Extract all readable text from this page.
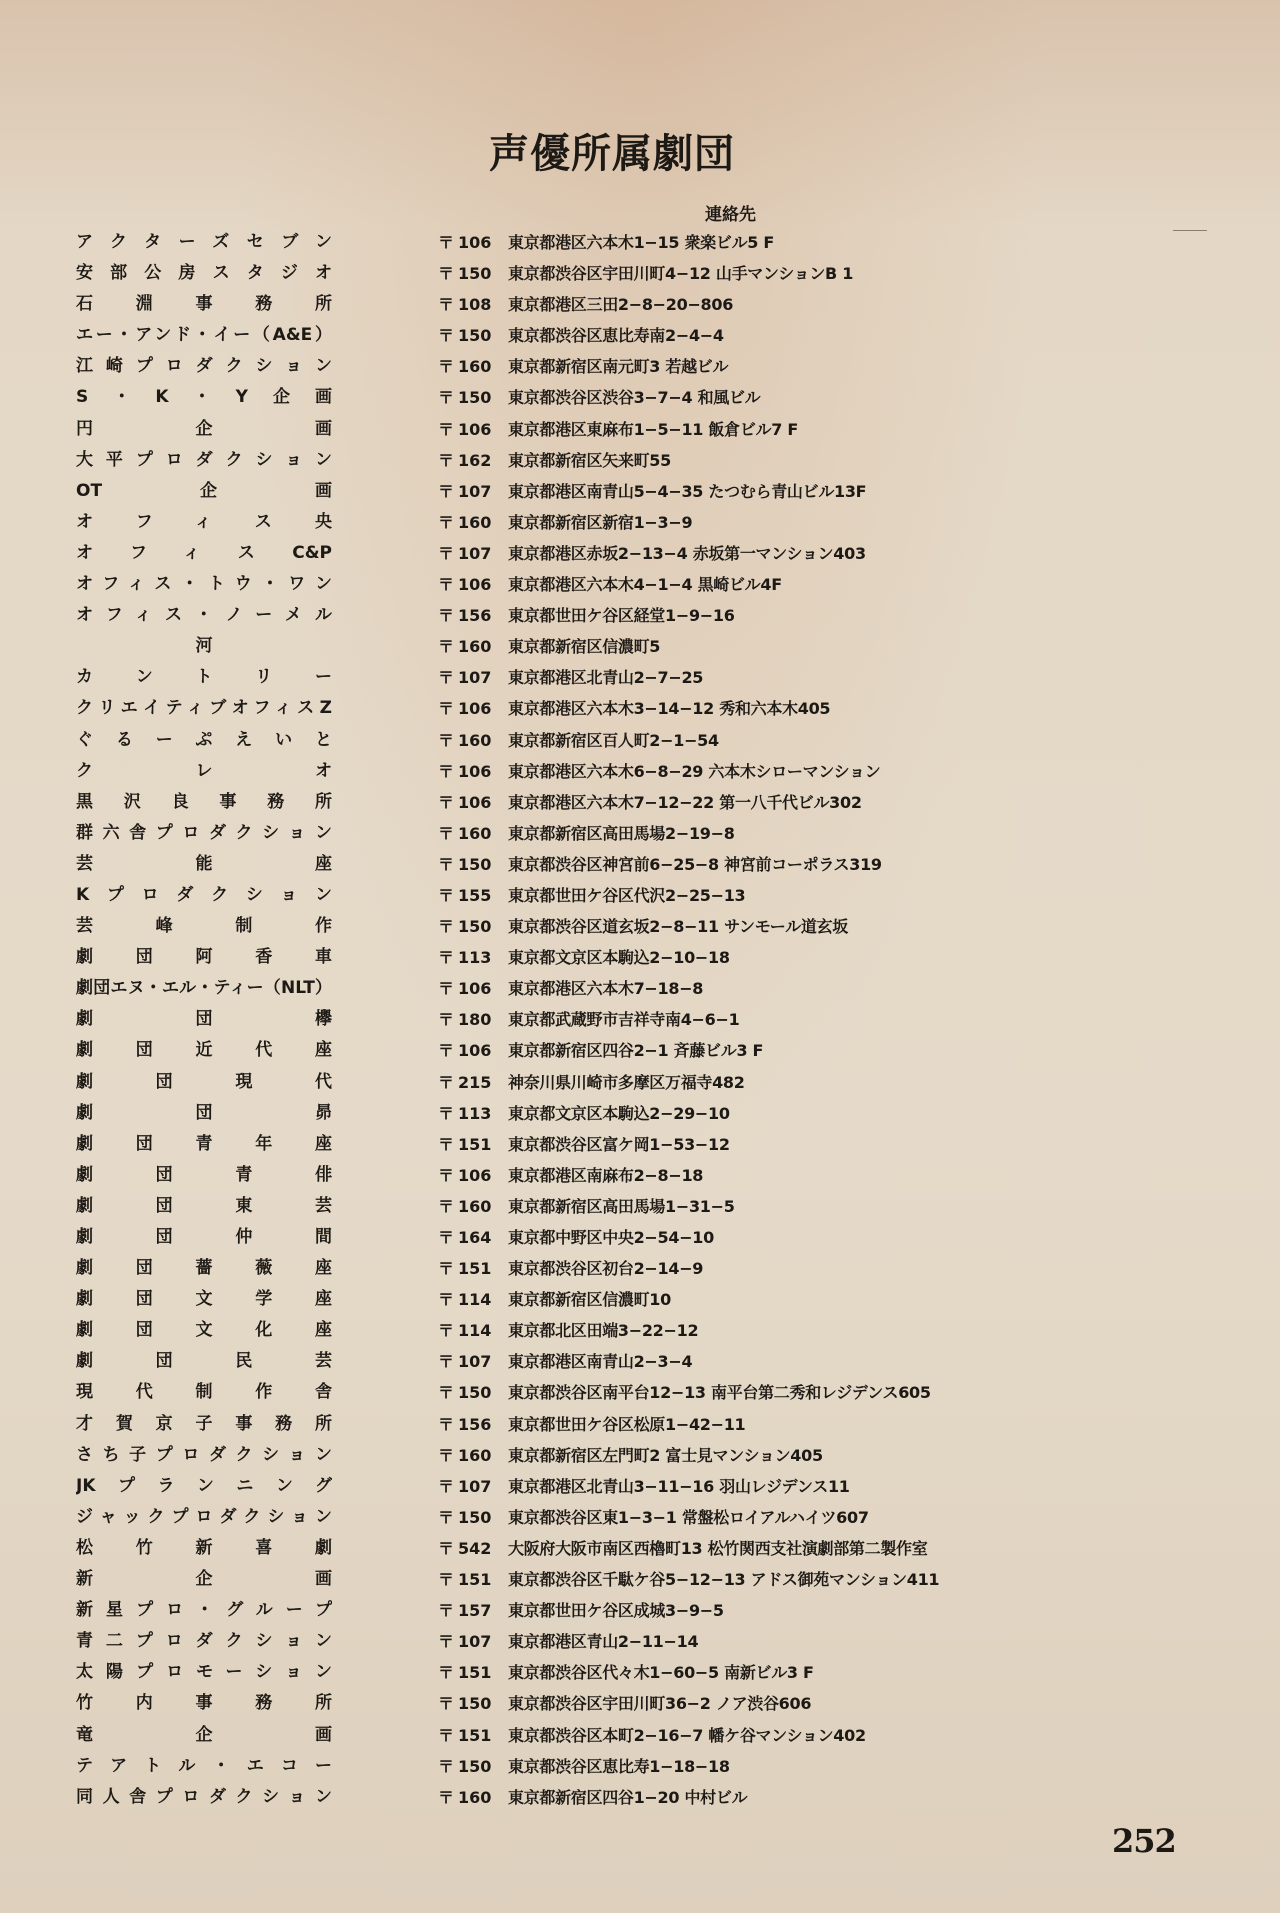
声優所属劇団
連絡先
アクターズセブン	〒 106	東京都港区六本木1−15 衆楽ビル5 F
安部公房スタジオ	〒 150	東京都渋谷区宇田川町4−12 山手マンションB 1
石淵事務所	〒 108	東京都港区三田2−8−20−806
エー・アンド・イー（A&E）	〒 150	東京都渋谷区恵比寿南2−4−4
江崎プロダクション	〒 160	東京都新宿区南元町3 若越ビル
S・K・Y企画	〒 150	東京都渋谷区渋谷3−7−4 和風ビル
円企画	〒 106	東京都港区東麻布1−5−11 飯倉ビル7 F
大平プロダクション	〒 162	東京都新宿区矢来町55
OT企画	〒 107	東京都港区南青山5−4−35 たつむら青山ビル13F
オフィス央	〒 160	東京都新宿区新宿1−3−9
オフィスC&P	〒 107	東京都港区赤坂2−13−4 赤坂第一マンション403
オフィス・トウ・ワン	〒 106	東京都港区六本木4−1−4 黒崎ビル4F
オフィス・ノーメル	〒 156	東京都世田ケ谷区経堂1−9−16
河	〒 160	東京都新宿区信濃町5
カントリー	〒 107	東京都港区北青山2−7−25
クリエイティブオフィスZ	〒 106	東京都港区六本木3−14−12 秀和六本木405
ぐるーぷえいと	〒 160	東京都新宿区百人町2−1−54
クレオ	〒 106	東京都港区六本木6−8−29 六本木シローマンション
黒沢良事務所	〒 106	東京都港区六本木7−12−22 第一八千代ビル302
群六舎プロダクション	〒 160	東京都新宿区高田馬場2−19−8
芸能座	〒 150	東京都渋谷区神宮前6−25−8 神宮前コーポラス319
Kプロダクション	〒 155	東京都世田ケ谷区代沢2−25−13
芸峰制作	〒 150	東京都渋谷区道玄坂2−8−11 サンモール道玄坂
劇団阿香車	〒 113	東京都文京区本駒込2−10−18
劇団エヌ・エル・ティー（NLT）	〒 106	東京都港区六本木7−18−8
劇団欅	〒 180	東京都武蔵野市吉祥寺南4−6−1
劇団近代座	〒 106	東京都新宿区四谷2−1 斉藤ビル3 F
劇団現代	〒 215	神奈川県川崎市多摩区万福寺482
劇団昴	〒 113	東京都文京区本駒込2−29−10
劇団青年座	〒 151	東京都渋谷区富ケ岡1−53−12
劇団青俳	〒 106	東京都港区南麻布2−8−18
劇団東芸	〒 160	東京都新宿区高田馬場1−31−5
劇団仲間	〒 164	東京都中野区中央2−54−10
劇団薔薇座	〒 151	東京都渋谷区初台2−14−9
劇団文学座	〒 114	東京都新宿区信濃町10
劇団文化座	〒 114	東京都北区田端3−22−12
劇団民芸	〒 107	東京都港区南青山2−3−4
現代制作舎	〒 150	東京都渋谷区南平台12−13 南平台第二秀和レジデンス605
才賀京子事務所	〒 156	東京都世田ケ谷区松原1−42−11
さち子プロダクション	〒 160	東京都新宿区左門町2 富士見マンション405
JKプランニング	〒 107	東京都港区北青山3−11−16 羽山レジデンス11
ジャックプロダクション	〒 150	東京都渋谷区東1−3−1 常盤松ロイアルハイツ607
松竹新喜劇	〒 542	大阪府大阪市南区西櫓町13 松竹関西支社演劇部第二製作室
新企画	〒 151	東京都渋谷区千駄ケ谷5−12−13 アドス御苑マンション411
新星プロ・グループ	〒 157	東京都世田ケ谷区成城3−9−5
青二プロダクション	〒 107	東京都港区青山2−11−14
太陽プロモーション	〒 151	東京都渋谷区代々木1−60−5 南新ビル3 F
竹内事務所	〒 150	東京都渋谷区宇田川町36−2 ノア渋谷606
竜企画	〒 151	東京都渋谷区本町2−16−7 幡ケ谷マンション402
テアトル・エコー	〒 150	東京都渋谷区恵比寿1−18−18
同人舎プロダクション	〒 160	東京都新宿区四谷1−20 中村ビル
252
